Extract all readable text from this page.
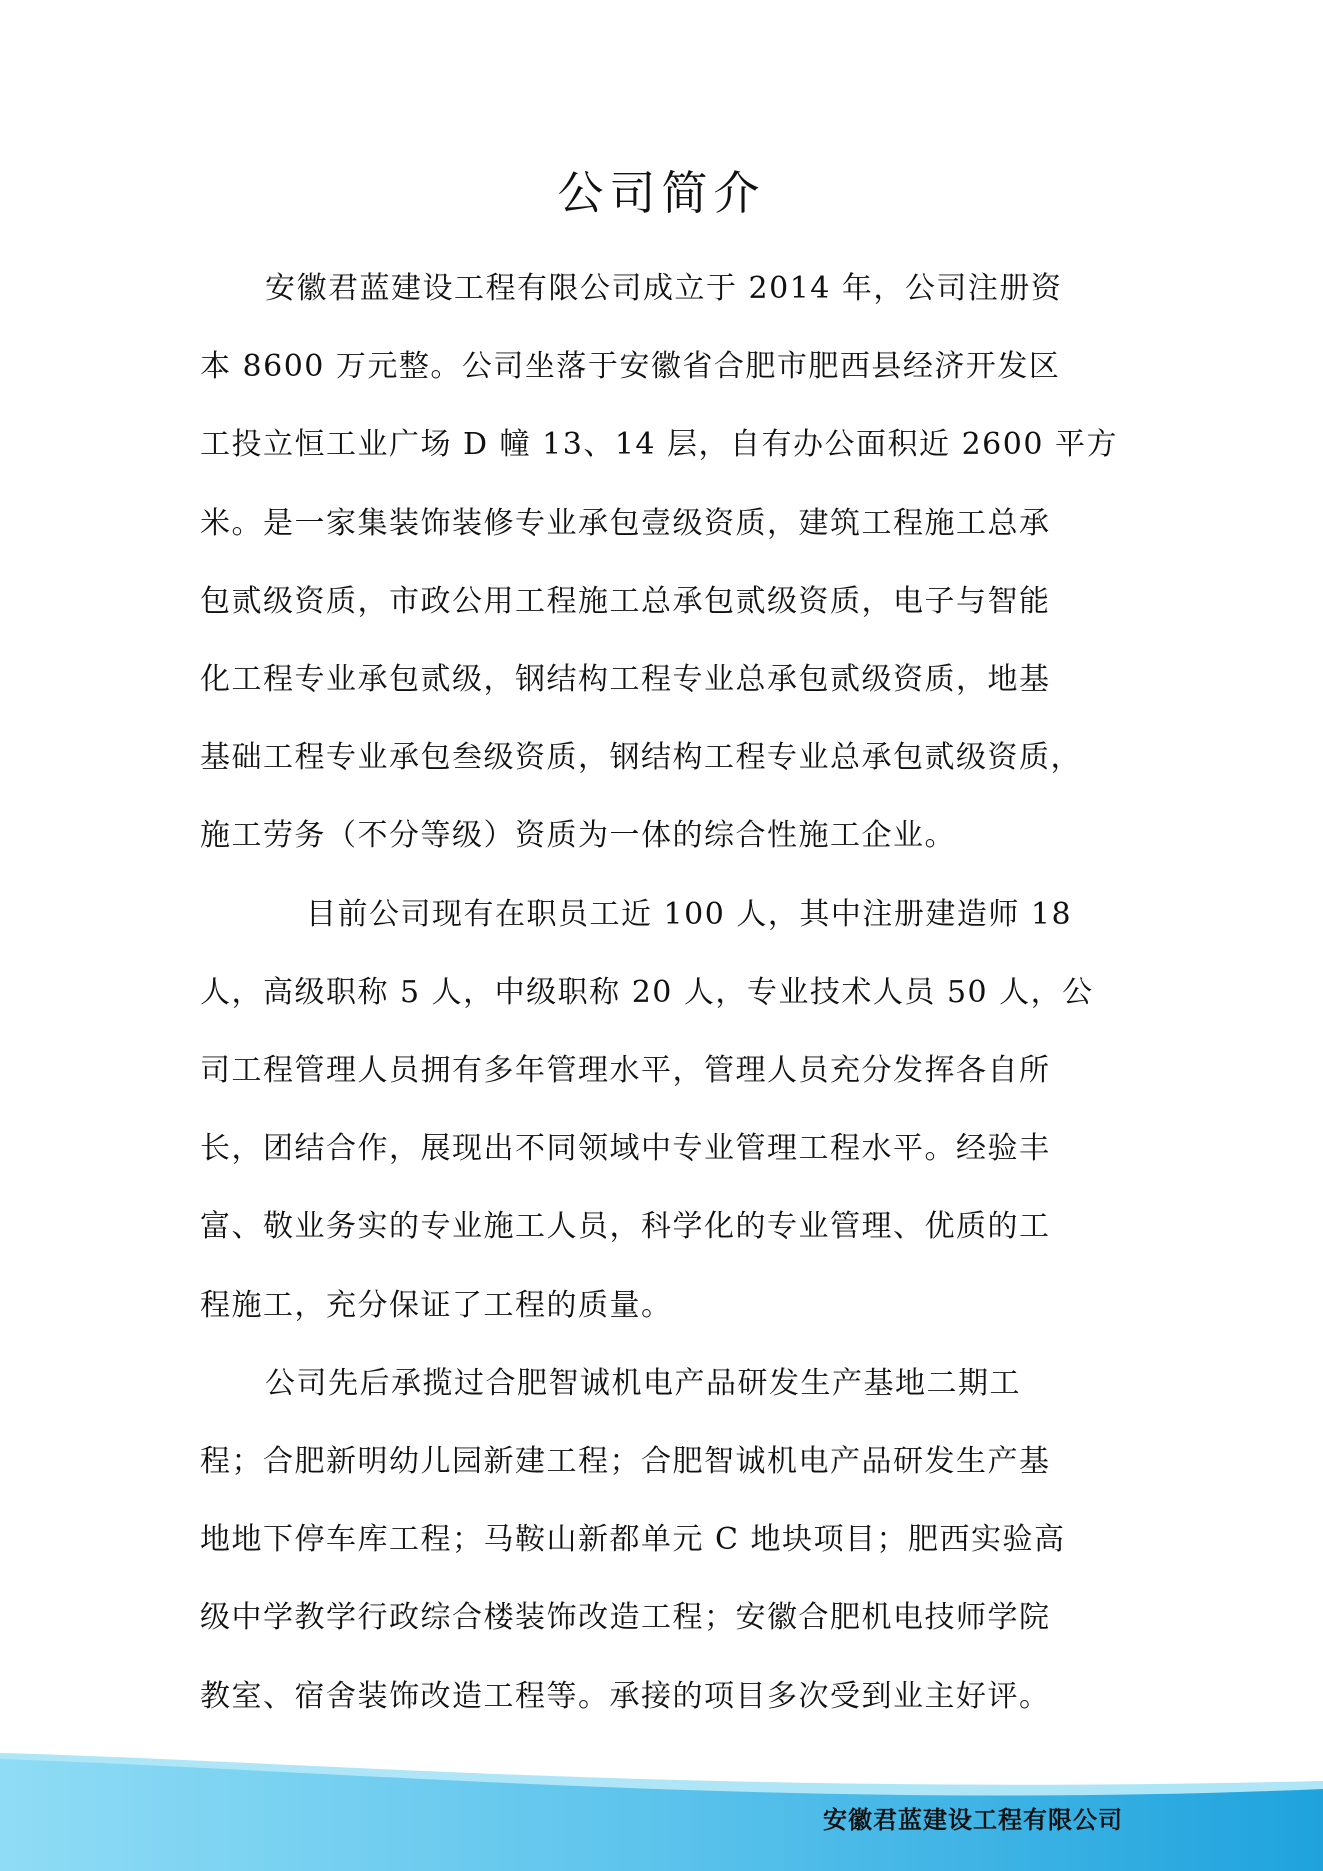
公司简介
安徽君蓝建设工程有限公司成立于 2014 年，公司注册资
本 8600 万元整。公司坐落于安徽省合肥市肥西县经济开发区
工投立恒工业广场 D 幢 13、14 层，自有办公面积近 2600 平方
米。是一家集装饰装修专业承包壹级资质，建筑工程施工总承
包贰级资质，市政公用工程施工总承包贰级资质，电子与智能
化工程专业承包贰级，钢结构工程专业总承包贰级资质，地基
基础工程专业承包叁级资质，钢结构工程专业总承包贰级资质，
施工劳务（不分等级）资质为一体的综合性施工企业。
目前公司现有在职员工近 100 人，其中注册建造师 18
人，高级职称 5 人，中级职称 20 人，专业技术人员 50 人，公
司工程管理人员拥有多年管理水平，管理人员充分发挥各自所
长，团结合作，展现出不同领域中专业管理工程水平。经验丰
富、敬业务实的专业施工人员，科学化的专业管理、优质的工
程施工，充分保证了工程的质量。
公司先后承揽过合肥智诚机电产品研发生产基地二期工
程；合肥新明幼儿园新建工程；合肥智诚机电产品研发生产基
地地下停车库工程；马鞍山新都单元 C 地块项目；肥西实验高
级中学教学行政综合楼装饰改造工程；安徽合肥机电技师学院
教室、宿舍装饰改造工程等。承接的项目多次受到业主好评。
安徽君蓝建设工程有限公司
